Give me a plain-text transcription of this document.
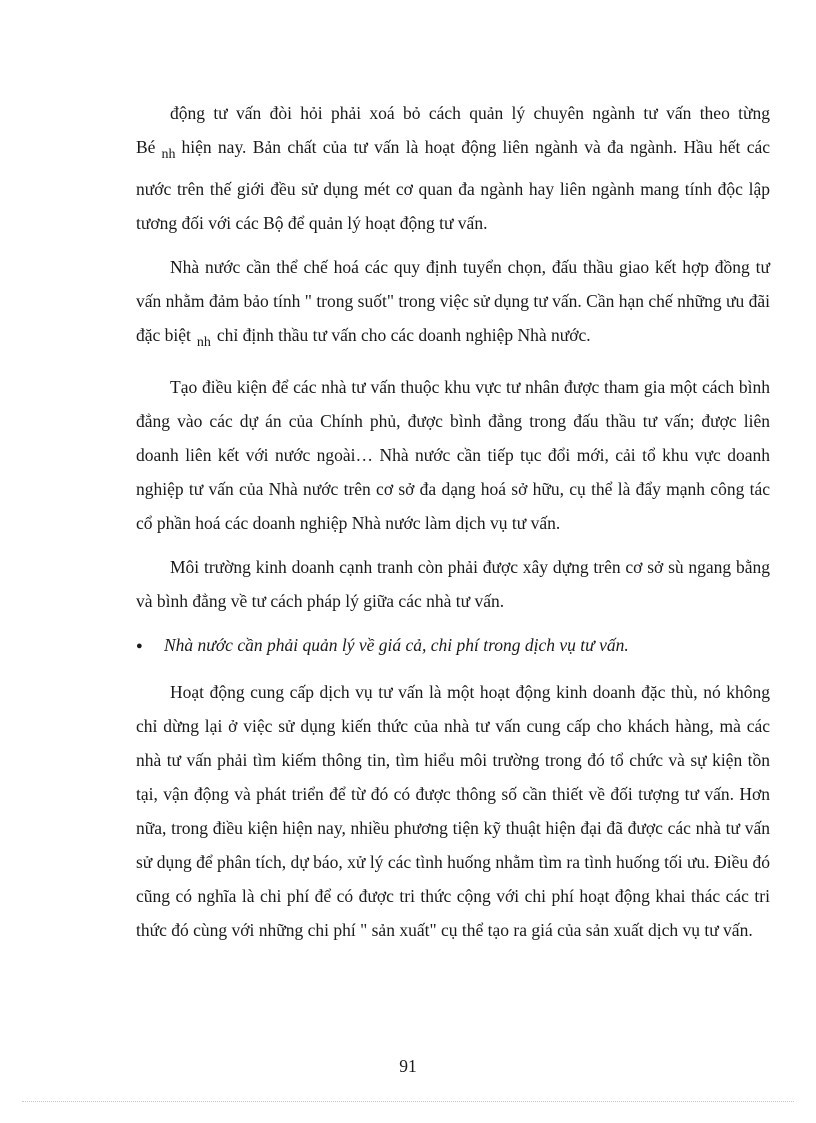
động tư vấn đòi hỏi phải xoá bỏ cách quản lý chuyên ngành tư vấn theo từng Bé $_{nh}$ hiện nay. Bản chất của tư vấn là hoạt động liên ngành và đa ngành. Hầu hết các nước trên thế giới đều sử dụng mét cơ quan đa ngành hay liên ngành mang tính độc lập tương đối với các Bộ để quản lý hoạt động tư vấn.

Nhà nước cần thể chế hoá các quy định tuyển chọn, đấu thầu giao kết hợp đồng tư vấn nhằm đảm bảo tính " trong suốt" trong việc sử dụng tư vấn. Cần hạn chế những ưu đãi đặc biệt $_{nh}$ chỉ định thầu tư vấn cho các doanh nghiệp Nhà nước.

Tạo điều kiện để các nhà tư vấn thuộc khu vực tư nhân được tham gia một cách bình đẳng vào các dự án của Chính phủ, được bình đẳng trong đấu thầu tư vấn; được liên doanh liên kết với nước ngoài… Nhà nước cần tiếp tục đổi mới, cải tổ khu vực doanh nghiệp tư vấn của Nhà nước trên cơ sở đa dạng hoá sở hữu, cụ thể là đẩy mạnh công tác cổ phần hoá các doanh nghiệp Nhà nước làm dịch vụ tư vấn.

Môi trường kinh doanh cạnh tranh còn phải được xây dựng trên cơ sở sù ngang bằng và bình đẳng về tư cách pháp lý giữa các nhà tư vấn.

●	Nhà nước cần phải quản lý về giá cả, chi phí trong dịch vụ tư vấn.

Hoạt động cung cấp dịch vụ tư vấn là một hoạt động kinh doanh đặc thù, nó không chỉ dừng lại ở việc sử dụng kiến thức của nhà tư vấn cung cấp cho khách hàng, mà các nhà tư vấn phải tìm kiếm thông tin, tìm hiểu môi trường trong đó tổ chức và sự kiện tồn tại, vận động và phát triển để từ đó có được thông số cần thiết về đối tượng tư vấn. Hơn nữa, trong điều kiện hiện nay, nhiều phương tiện kỹ thuật hiện đại đã được các nhà tư vấn sử dụng để phân tích, dự báo, xử lý các tình huống nhằm tìm ra tình huống tối ưu. Điều đó cũng có nghĩa là chi phí để có được tri thức cộng với chi phí hoạt động khai thác các tri thức đó cùng với những chi phí " sản xuất" cụ thể tạo ra giá của sản xuất dịch vụ tư vấn.

91
